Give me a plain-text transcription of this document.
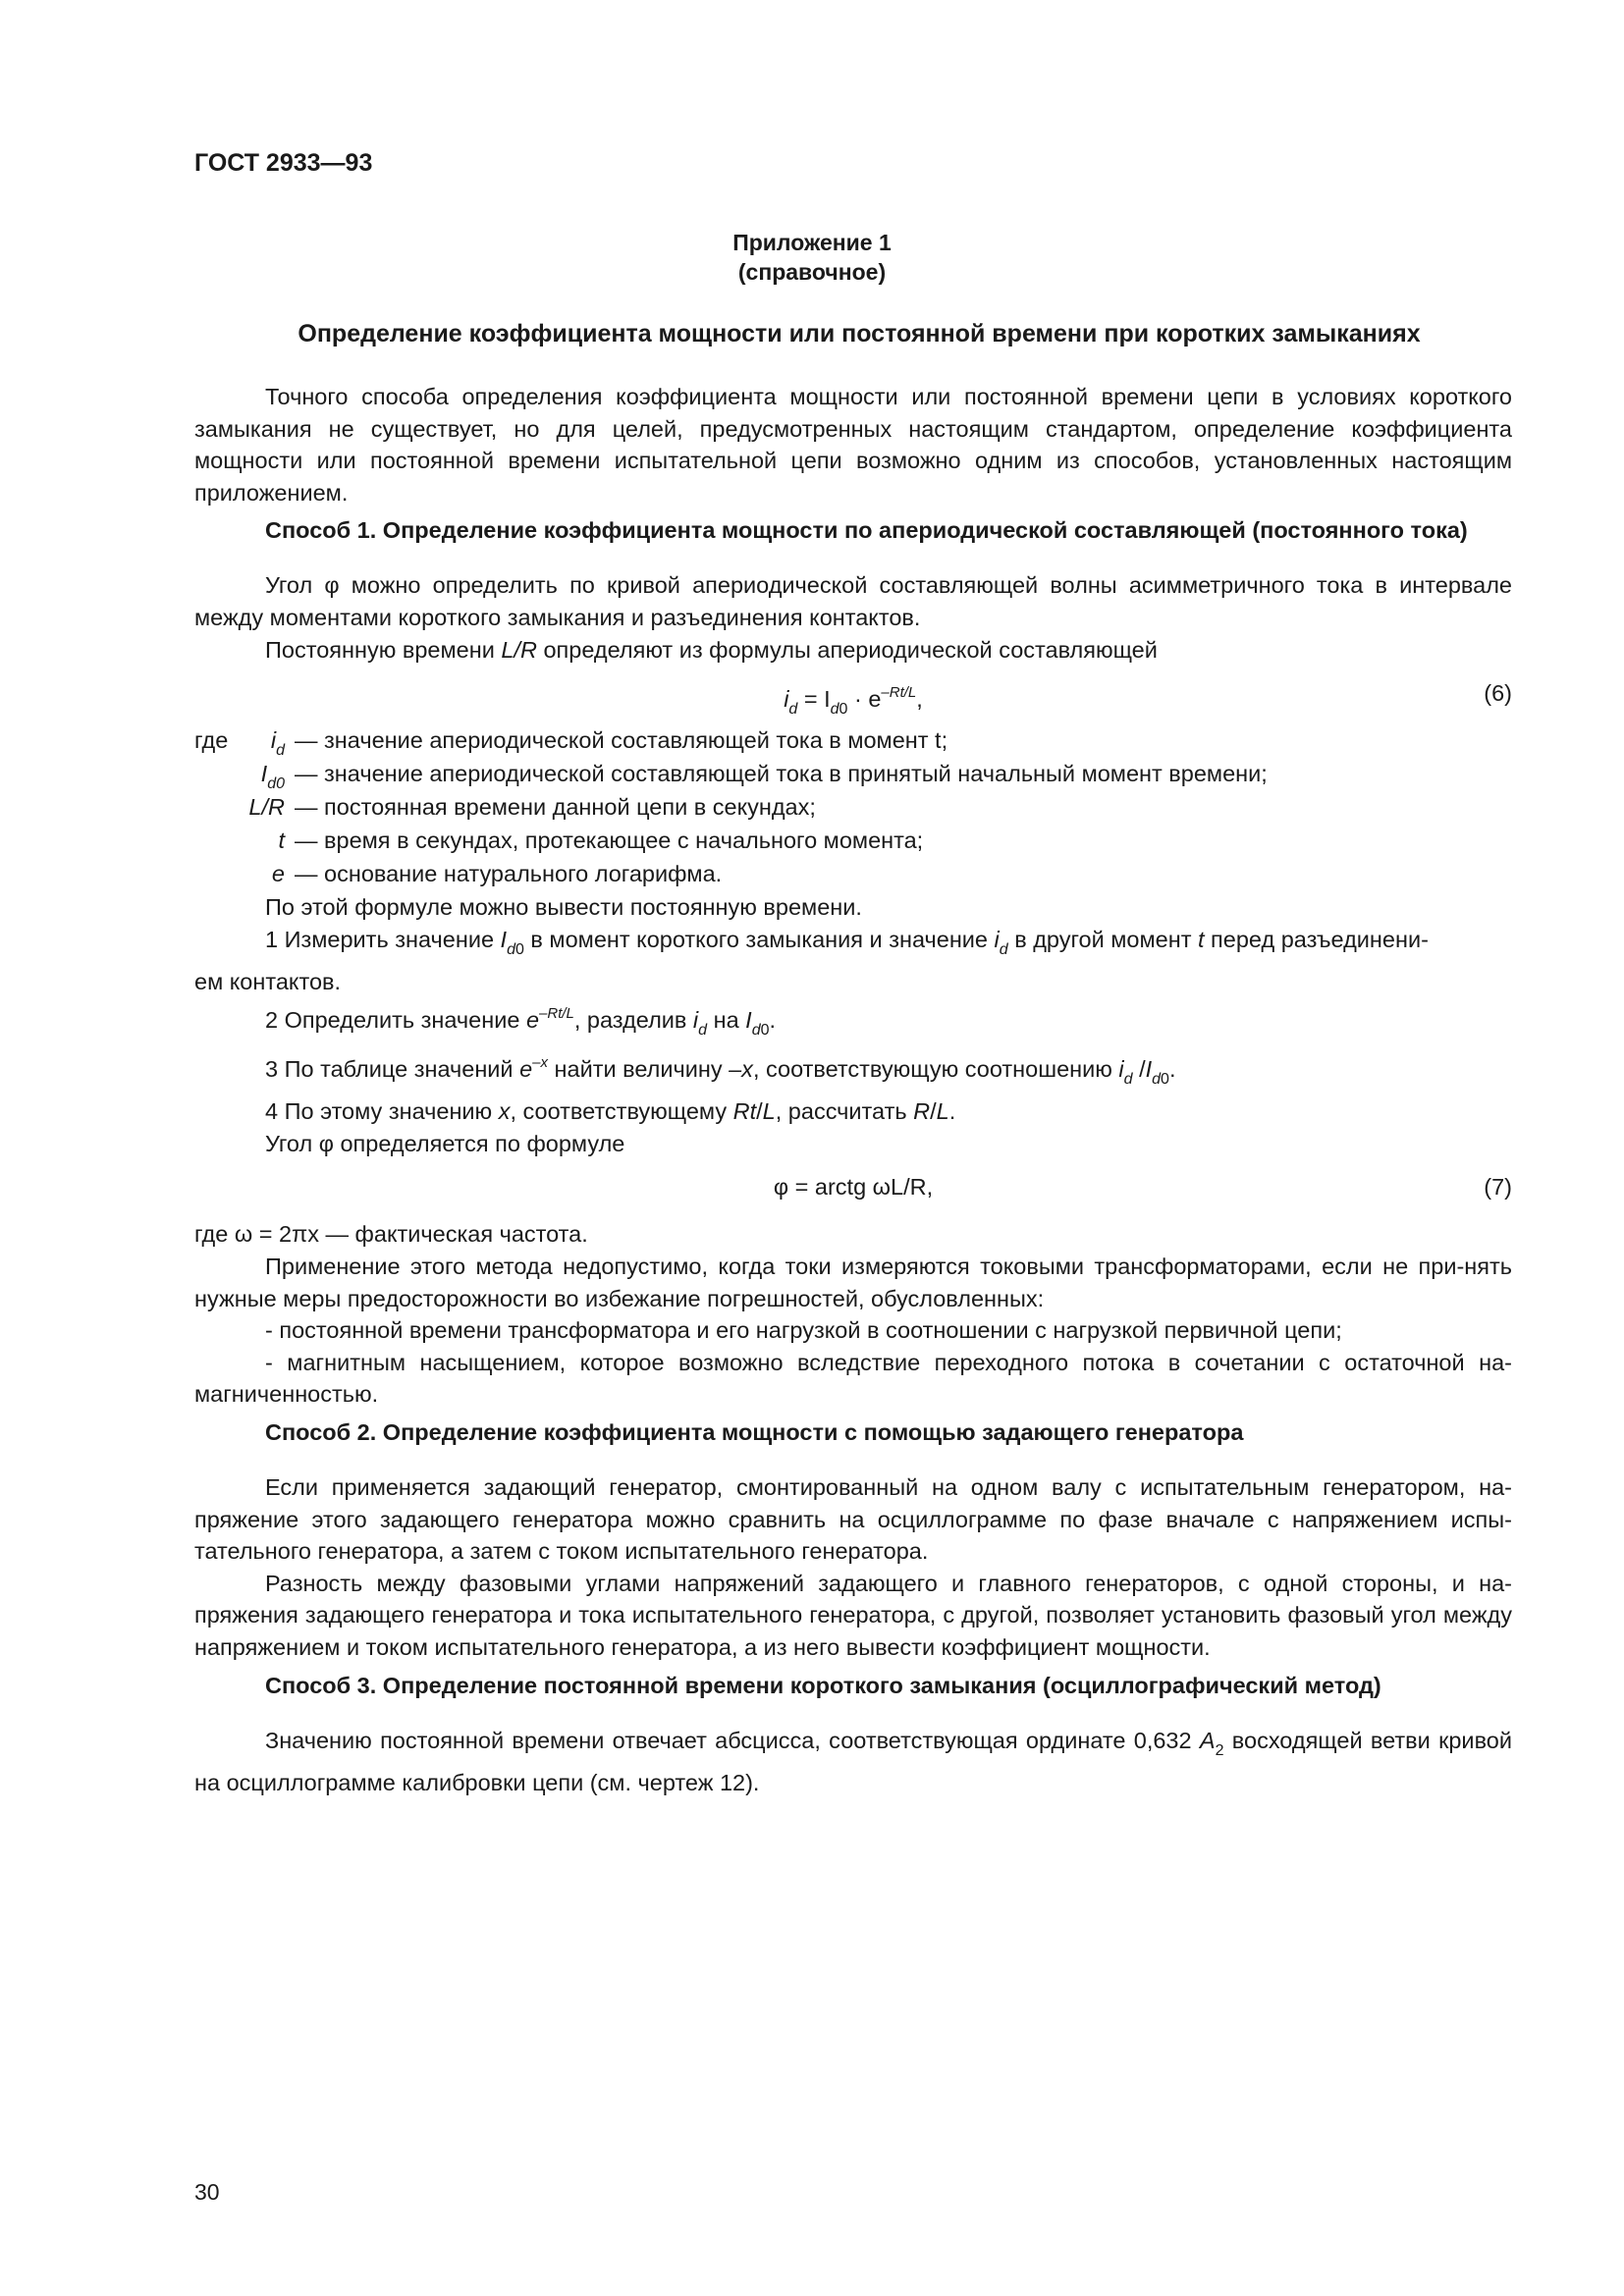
ГОСТ 2933—93
Приложение 1
(справочное)
Определение коэффициента мощности или постоянной времени при коротких замыканиях

Точного способа определения коэффициента мощности или постоянной времени цепи в условиях короткого замыкания не существует, но для целей, предусмотренных настоящим стандартом, определение коэффициента мощности или постоянной времени испытательной цепи возможно одним из способов, установленных настоящим приложением.

Способ 1. Определение коэффициента мощности по апериодической составляющей (постоянного тока)

Угол φ можно определить по кривой апериодической составляющей волны асимметричного тока в интервале между моментами короткого замыкания и разъединения контактов.

Постоянную времени L/R определяют из формулы апериодической составляющей

$i_d = I_{d0} \cdot e^{-Rt/L}$,	(6)
где $i_d$ — значение апериодической составляющей тока в момент t;
$I_{d0}$ — значение апериодической составляющей тока в принятый начальный момент времени;
L/R — постоянная времени данной цепи в секундах;
t — время в секундах, протекающее с начального момента;
e — основание натурального логарифма.

По этой формуле можно вывести постоянную времени.

1 Измерить значение $I_{d0}$ в момент короткого замыкания и значение $i_d$ в другой момент t перед разъединени-

ем контактов.

2 Определить значение $e^{-Rt/L}$, разделив $i_d$ на $I_{d0}$.

3 По таблице значений $e^{-x}$ найти величину –x, соответствующую соотношению $i_d$ $/I_{d0}$.

4 По этому значению x, соответствующему Rt/L, рассчитать R/L.

Угол φ определяется по формуле

φ = arctg ωL/R,	(7)

где ω = 2πx — фактическая частота.

Применение этого метода недопустимо, когда токи измеряются токовыми трансформаторами, если не при-нять нужные меры предосторожности во избежание погрешностей, обусловленных:

- постоянной времени трансформатора и его нагрузкой в соотношении с нагрузкой первичной цепи;

- магнитным насыщением, которое возможно вследствие переходного потока в сочетании с остаточной на-магниченностью.

Способ 2. Определение коэффициента мощности с помощью задающего генератора

Если применяется задающий генератор, смонтированный на одном валу с испытательным генератором, на-пряжение этого задающего генератора можно сравнить на осциллограмме по фазе вначале с напряжением испы-тательного генератора, а затем с током испытательного генератора.

Разность между фазовыми углами напряжений задающего и главного генераторов, с одной стороны, и на-пряжения задающего генератора и тока испытательного генератора, с другой, позволяет установить фазовый угол между напряжением и током испытательного генератора, а из него вывести коэффициент мощности.

Способ 3. Определение постоянной времени короткого замыкания (осциллографический метод)

Значению постоянной времени отвечает абсцисса, соответствующая ординате 0,632 $A_2$ восходящей ветви кривой на осциллограмме калибровки цепи (см. чертеж 12).

30
